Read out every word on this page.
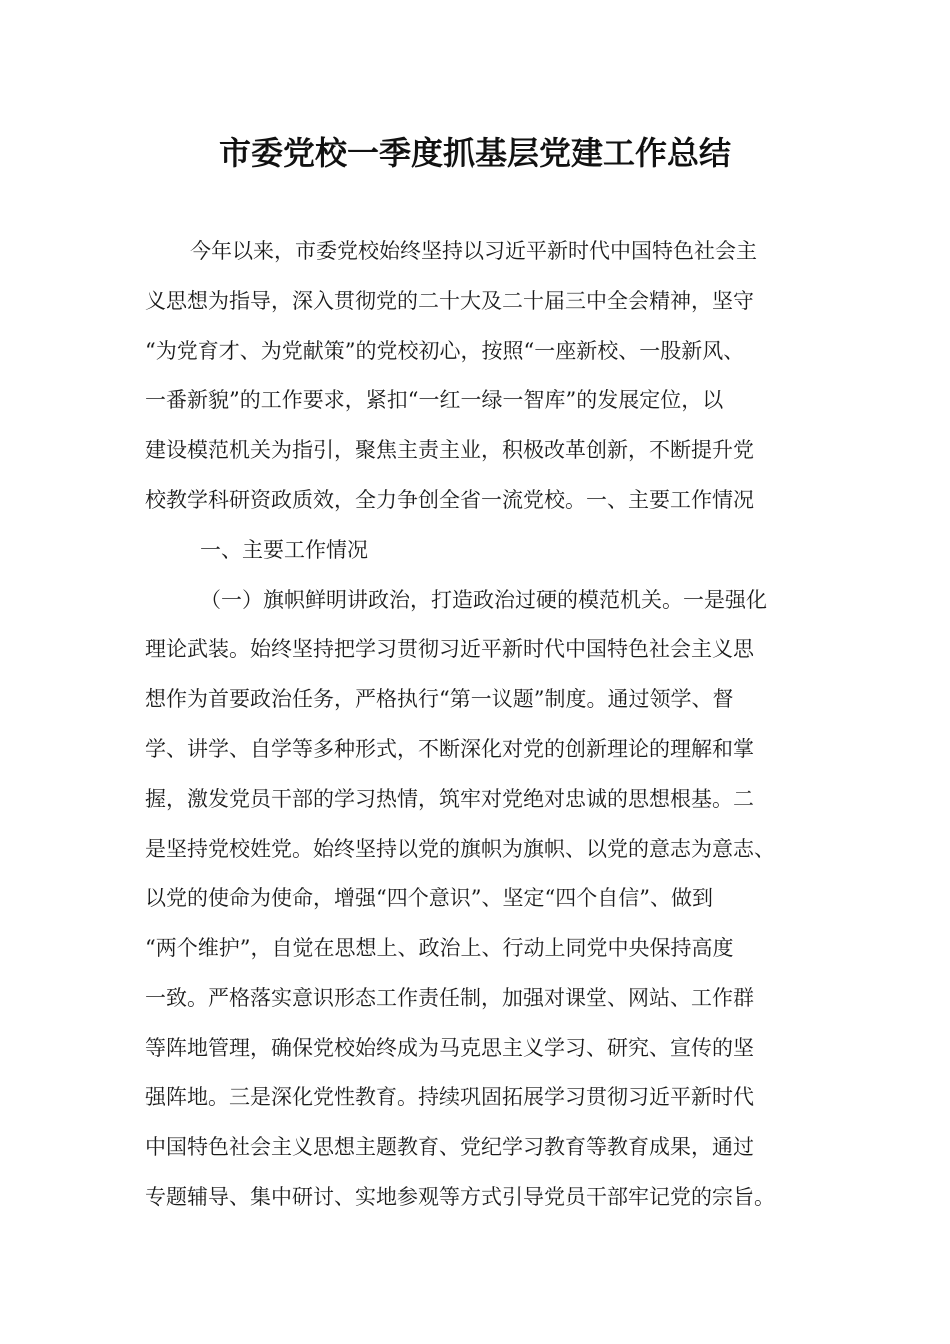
市委党校一季度抓基层党建工作总结
今年以来，市委党校始终坚持以习近平新时代中国特色社会主
义思想为指导，深入贯彻党的二十大及二十届三中全会精神，坚守
“为党育才、为党献策”的党校初心，按照“一座新校、一股新风、
一番新貌”的工作要求，紧扣“一红一绿一智库”的发展定位，以
建设模范机关为指引，聚焦主责主业，积极改革创新，不断提升党
校教学科研资政质效，全力争创全省一流党校。一、主要工作情况
一、主要工作情况
（一）旗帜鲜明讲政治，打造政治过硬的模范机关。一是强化
理论武装。始终坚持把学习贯彻习近平新时代中国特色社会主义思
想作为首要政治任务，严格执行“第一议题”制度。通过领学、督
学、讲学、自学等多种形式，不断深化对党的创新理论的理解和掌
握，激发党员干部的学习热情，筑牢对党绝对忠诚的思想根基。二
是坚持党校姓党。始终坚持以党的旗帜为旗帜、以党的意志为意志、
以党的使命为使命，增强“四个意识”、坚定“四个自信”、做到
“两个维护”，自觉在思想上、政治上、行动上同党中央保持高度
一致。严格落实意识形态工作责任制，加强对课堂、网站、工作群
等阵地管理，确保党校始终成为马克思主义学习、研究、宣传的坚
强阵地。三是深化党性教育。持续巩固拓展学习贯彻习近平新时代
中国特色社会主义思想主题教育、党纪学习教育等教育成果，通过
专题辅导、集中研讨、实地参观等方式引导党员干部牢记党的宗旨。
